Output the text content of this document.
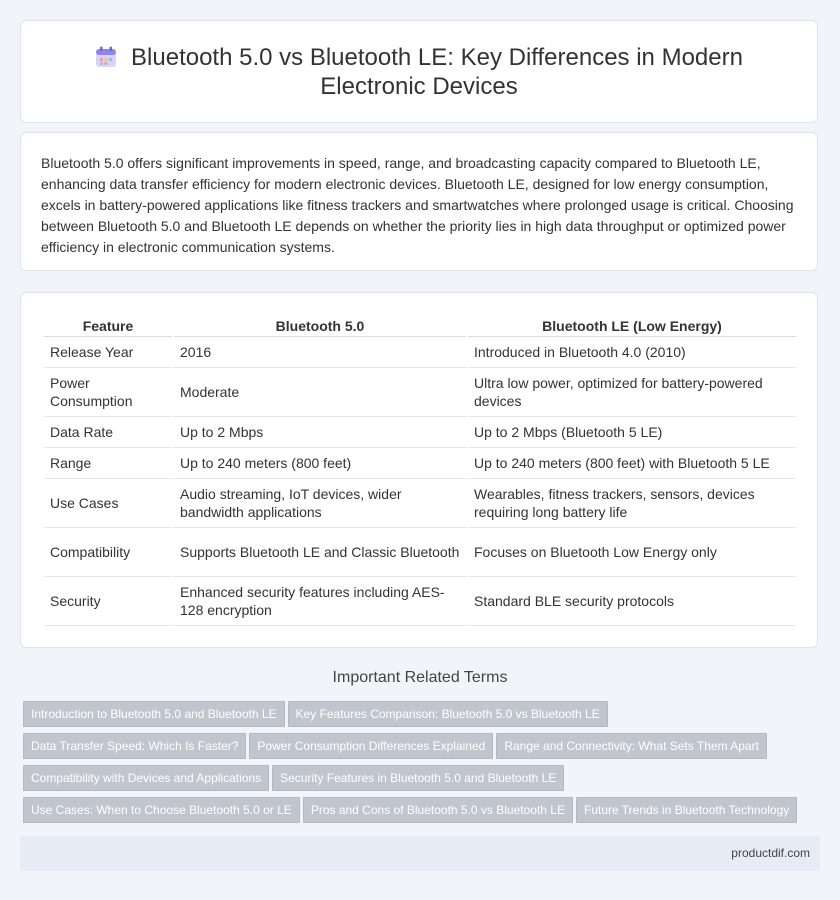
Bluetooth 5.0 vs Bluetooth LE: Key Differences in Modern Electronic Devices

Bluetooth 5.0 offers significant improvements in speed, range, and broadcasting capacity compared to Bluetooth LE, enhancing data transfer efficiency for modern electronic devices. Bluetooth LE, designed for low energy consumption, excels in battery-powered applications like fitness trackers and smartwatches where prolonged usage is critical. Choosing between Bluetooth 5.0 and Bluetooth LE depends on whether the priority lies in high data throughput or optimized power efficiency in electronic communication systems.

Feature	Bluetooth 5.0	Bluetooth LE (Low Energy)
Release Year	2016	Introduced in Bluetooth 4.0 (2010)
Power Consumption	Moderate	Ultra low power, optimized for battery-powered devices
Data Rate	Up to 2 Mbps	Up to 2 Mbps (Bluetooth 5 LE)
Range	Up to 240 meters (800 feet)	Up to 240 meters (800 feet) with Bluetooth 5 LE
Use Cases	Audio streaming, IoT devices, wider bandwidth applications	Wearables, fitness trackers, sensors, devices requiring long battery life
Compatibility	Supports Bluetooth LE and Classic Bluetooth	Focuses on Bluetooth Low Energy only
Security	Enhanced security features including AES-128 encryption	Standard BLE security protocols
Important Related Terms
Introduction to Bluetooth 5.0 and Bluetooth LE Key Features Comparison: Bluetooth 5.0 vs Bluetooth LE
Data Transfer Speed: Which Is Faster? Power Consumption Differences Explained Range and Connectivity: What Sets Them Apart
Compatibility with Devices and Applications Security Features in Bluetooth 5.0 and Bluetooth LE
Use Cases: When to Choose Bluetooth 5.0 or LE Pros and Cons of Bluetooth 5.0 vs Bluetooth LE Future Trends in Bluetooth Technology
productdif.com
